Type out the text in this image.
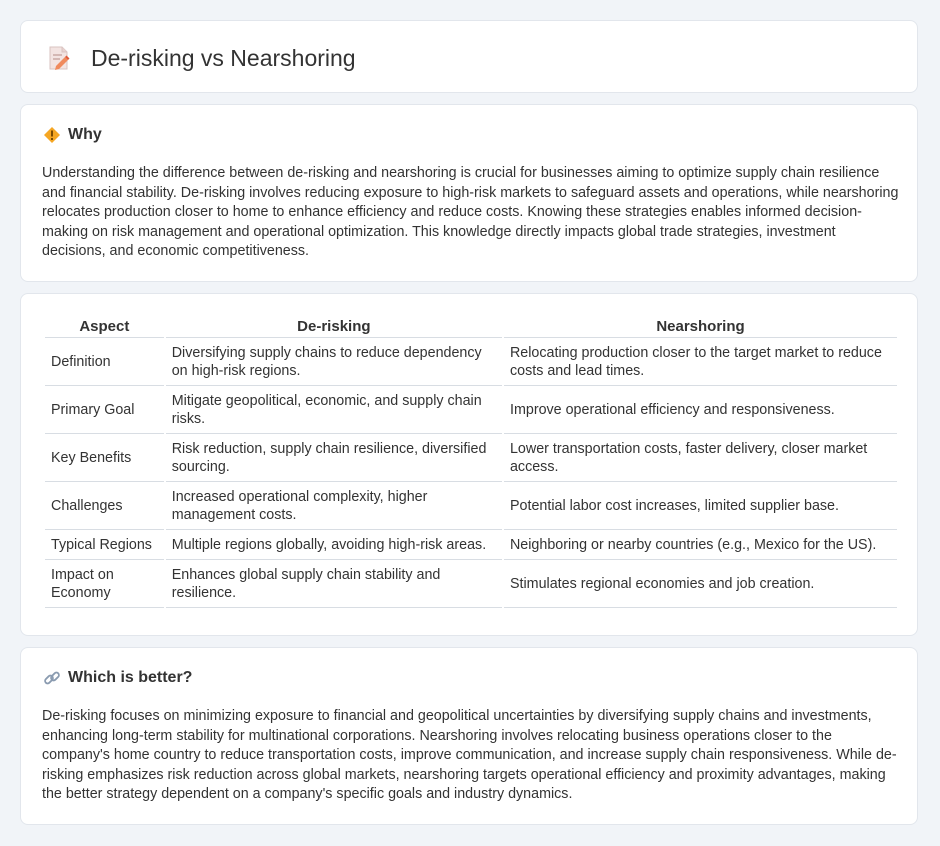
De-risking vs Nearshoring
Why

Understanding the difference between de-risking and nearshoring is crucial for businesses aiming to optimize supply chain resilience and financial stability. De-risking involves reducing exposure to high-risk markets to safeguard assets and operations, while nearshoring relocates production closer to home to enhance efficiency and reduce costs. Knowing these strategies enables informed decision-making on risk management and operational optimization. This knowledge directly impacts global trade strategies, investment decisions, and economic competitiveness.

Aspect	De-risking	Nearshoring
Definition	Diversifying supply chains to reduce dependency on high-risk regions.	Relocating production closer to the target market to reduce costs and lead times.
Primary Goal	Mitigate geopolitical, economic, and supply chain risks.	Improve operational efficiency and responsiveness.
Key Benefits	Risk reduction, supply chain resilience, diversified sourcing.	Lower transportation costs, faster delivery, closer market access.
Challenges	Increased operational complexity, higher management costs.	Potential labor cost increases, limited supplier base.
Typical Regions	Multiple regions globally, avoiding high-risk areas.	Neighboring or nearby countries (e.g., Mexico for the US).
Impact on Economy	Enhances global supply chain stability and resilience.	Stimulates regional economies and job creation.
Which is better?

De-risking focuses on minimizing exposure to financial and geopolitical uncertainties by diversifying supply chains and investments, enhancing long-term stability for multinational corporations. Nearshoring involves relocating business operations closer to the company's home country to reduce transportation costs, improve communication, and increase supply chain responsiveness. While de-risking emphasizes risk reduction across global markets, nearshoring targets operational efficiency and proximity advantages, making the better strategy dependent on a company's specific goals and industry dynamics.
